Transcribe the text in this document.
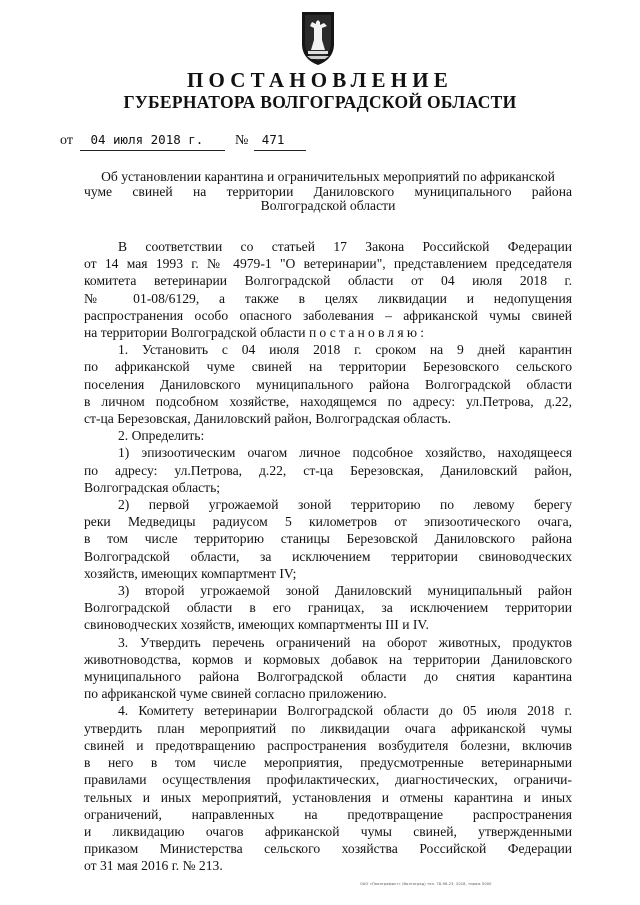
ПОСТАНОВЛЕНИЕ
ГУБЕРНАТОРА ВОЛГОГРАДСКОЙ ОБЛАСТИ
от 04 июля 2018 г. № 471
Об установлении карантина и ограничительных мероприятий по африканской
чуме свиней на территории Даниловского муниципального района
Волгоградской области
В соответствии со статьей 17 Закона Российской Федерации
от 14 мая 1993 г. № 4979-1 "О ветеринарии", представлением председателя
комитета ветеринарии Волгоградской области от 04 июля 2018 г.
№ 01-08/6129, а также в целях ликвидации и недопущения
распространения особо опасного заболевания – африканской чумы свиней
на территории Волгоградской области постановляю:
1. Установить с 04 июля 2018 г. сроком на 9 дней карантин
по африканской чуме свиней на территории Березовского сельского
поселения Даниловского муниципального района Волгоградской области
в личном подсобном хозяйстве, находящемся по адресу: ул.Петрова, д.22,
ст-ца Березовская, Даниловский район, Волгоградская область.
2. Определить:
1) эпизоотическим очагом личное подсобное хозяйство, находящееся
по адресу: ул.Петрова, д.22, ст-ца Березовская, Даниловский район,
Волгоградская область;
2) первой угрожаемой зоной территорию по левому берегу
реки Медведицы радиусом 5 километров от эпизоотического очага,
в том числе территорию станицы Березовской Даниловского района
Волгоградской области, за исключением территории свиноводческих
хозяйств, имеющих компартмент IV;
3) второй угрожаемой зоной Даниловский муниципальный район
Волгоградской области в его границах, за исключением территории
свиноводческих хозяйств, имеющих компартменты III и IV.
3. Утвердить перечень ограничений на оборот животных, продуктов
животноводства, кормов и кормовых добавок на территории Даниловского
муниципального района Волгоградской области до снятия карантина
по африканской чуме свиней согласно приложению.
4. Комитету ветеринарии Волгоградской области до 05 июля 2018 г.
утвердить план мероприятий по ликвидации очага африканской чумы
свиней и предотвращению распространения возбудителя болезни, включив
в него в том числе мероприятия, предусмотренные ветеринарными
правилами осуществления профилактических, диагностических, ограничи-
тельных и иных мероприятий, установления и отмены карантина и иных
ограничений, направленных на предотвращение распространения
и ликвидацию очагов африканской чумы свиней, утвержденными
приказом Министерства сельского хозяйства Российской Федерации
от 31 мая 2016 г. № 213.
ОАО «Полиграфист» (Волгоград) тел. 78-96-23, 2018, тираж 5000
